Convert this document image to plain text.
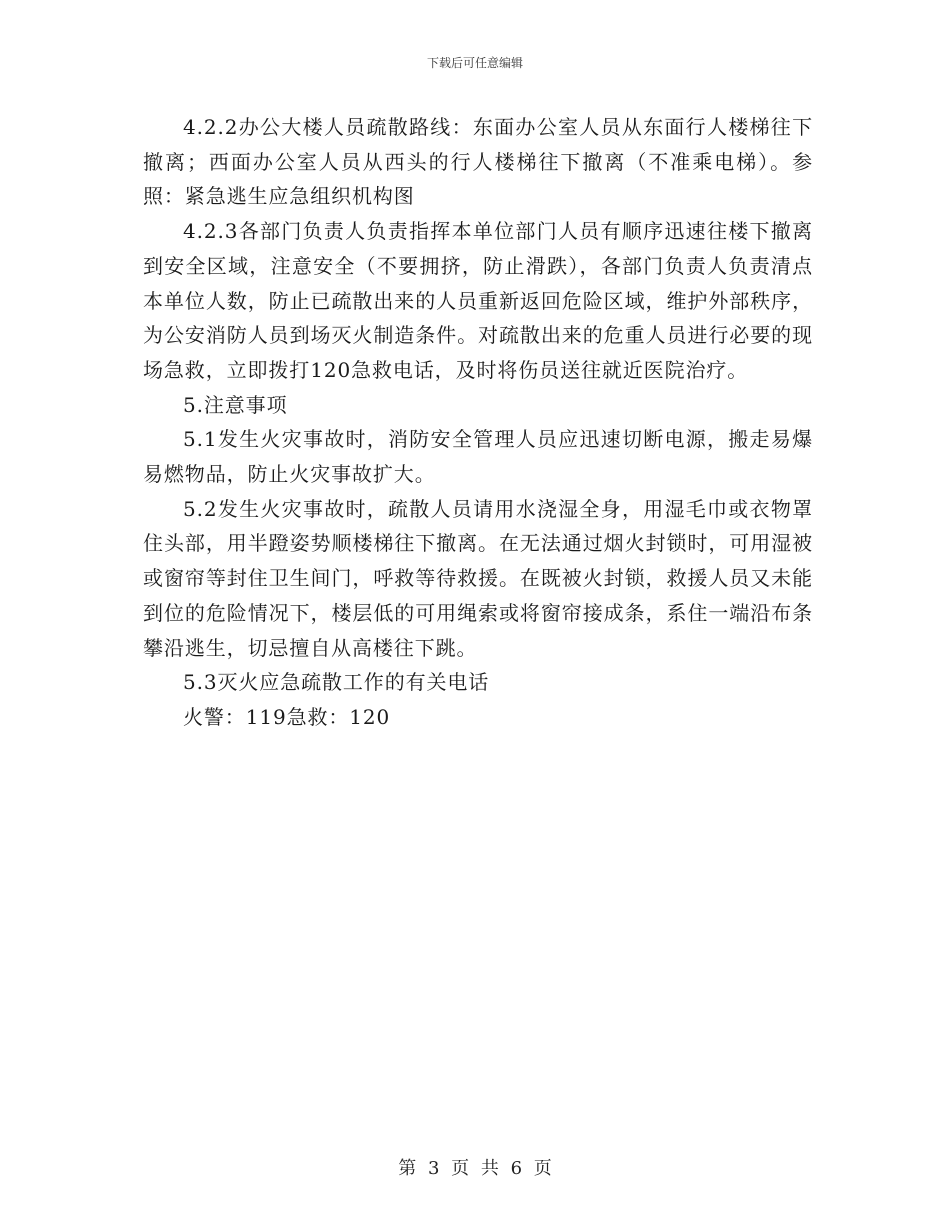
下载后可任意编辑

4.2.2办公大楼人员疏散路线：东面办公室人员从东面行人楼梯往下撤离；西面办公室人员从西头的行人楼梯往下撤离（不准乘电梯）。参照：紧急逃生应急组织机构图

4.2.3各部门负责人负责指挥本单位部门人员有顺序迅速往楼下撤离到安全区域，注意安全（不要拥挤，防止滑跌），各部门负责人负责清点本单位人数，防止已疏散出来的人员重新返回危险区域，维护外部秩序，为公安消防人员到场灭火制造条件。对疏散出来的危重人员进行必要的现场急救，立即拨打120急救电话，及时将伤员送往就近医院治疗。

5.注意事项

5.1发生火灾事故时，消防安全管理人员应迅速切断电源，搬走易爆易燃物品，防止火灾事故扩大。

5.2发生火灾事故时，疏散人员请用水浇湿全身，用湿毛巾或衣物罩住头部，用半蹬姿势顺楼梯往下撤离。在无法通过烟火封锁时，可用湿被或窗帘等封住卫生间门，呼救等待救援。在既被火封锁，救援人员又未能到位的危险情况下，楼层低的可用绳索或将窗帘接成条，系住一端沿布条攀沿逃生，切忌擅自从高楼往下跳。

5.3灭火应急疏散工作的有关电话

火警：119急救：120

第 3 页 共 6 页
